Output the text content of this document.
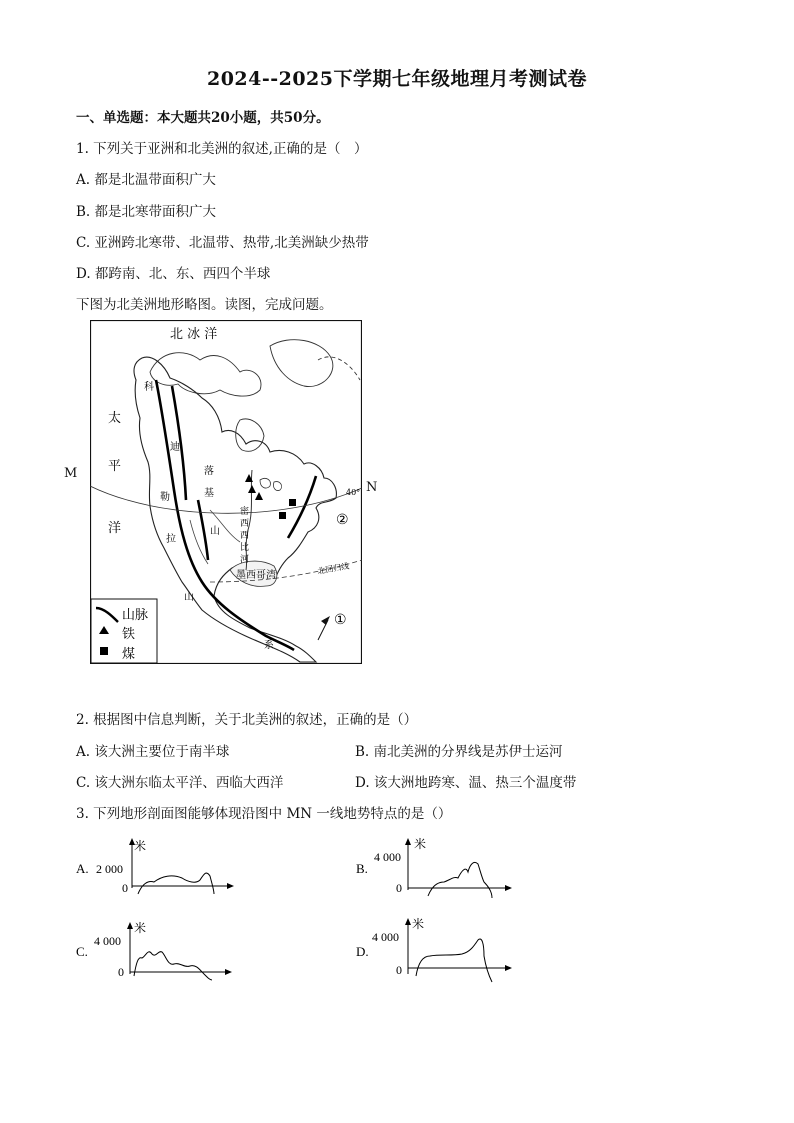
2024--2025下学期七年级地理月考测试卷
一、单选题：本大题共20小题，共50分。
1. 下列关于亚洲和北美洲的叙述,正确的是（　）
A. 都是北温带面积广大
B. 都是北寒带面积广大
C. 亚洲跨北寒带、北温带、热带,北美洲缺少热带
D. 都跨南、北、东、西四个半球
下图为北美洲地形略图。读图，完成问题。
北 冰 洋
太
平
洋
墨西哥湾	北回归线
40°
①
②
科
迪
勒
拉
山
系
落
基
山
密
西
西
比
河
山脉
铁
煤
M
N
2. 根据图中信息判断，关于北美洲的叙述，正确的是（）
A. 该大洲主要位于南半球	B. 南北美洲的分界线是苏伊士运河
C. 该大洲东临太平洋、西临大西洋	D. 该大洲地跨寒、温、热三个温度带
3. 下列地形剖面图能够体现沿图中 MN 一线地势特点的是（）
A. 2 000
0
米
B.
4 000
0
米
C.
4 000
0
米
D.
4 000
0
米
